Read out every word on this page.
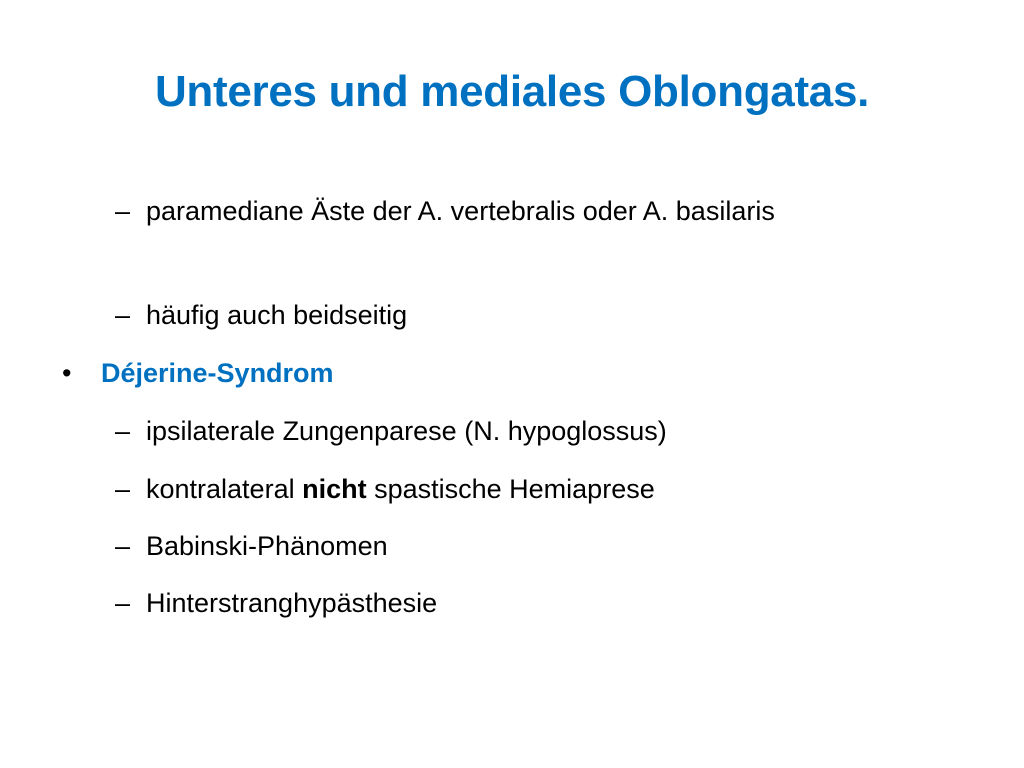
Unteres und mediales Oblongatas.
– paramediane Äste der A. vertebralis oder A. basilaris
– häufig auch beidseitig
• Déjerine-Syndrom
– ipsilaterale Zungenparese (N. hypoglossus)
– kontralateral nicht spastische Hemiaprese
– Babinski-Phänomen
– Hinterstranghypästhesie
